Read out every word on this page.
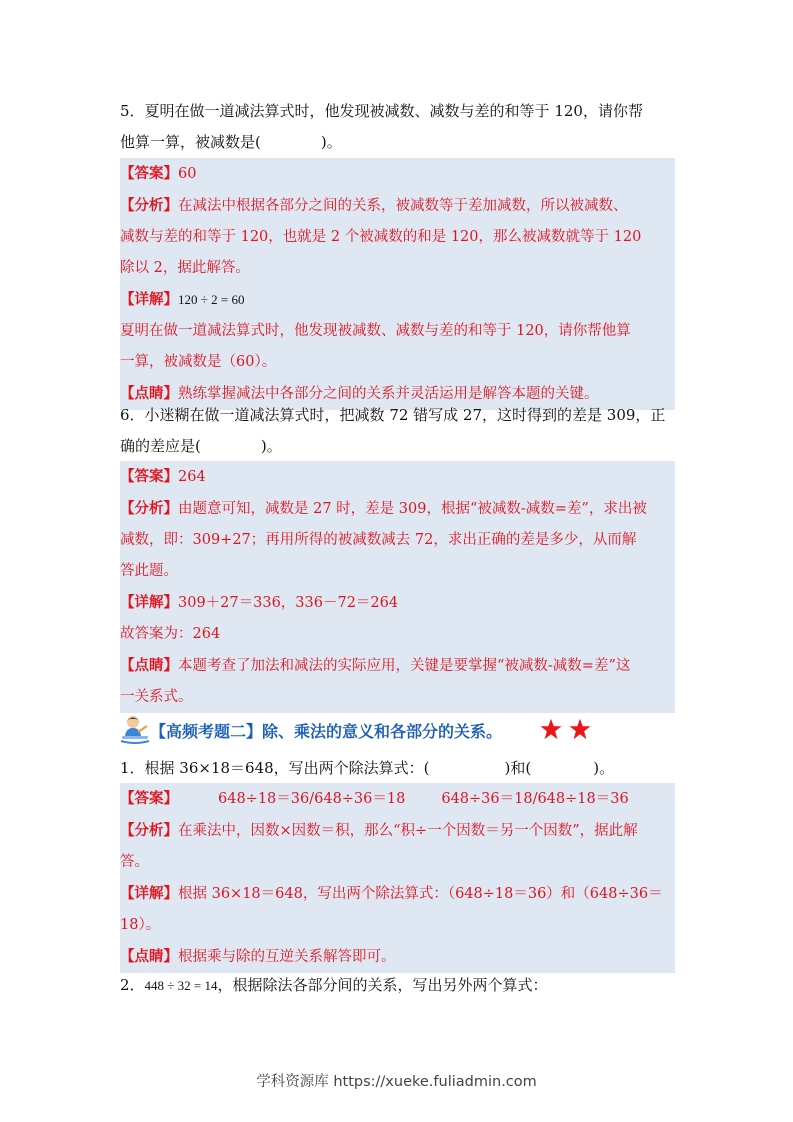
5．夏明在做一道减法算式时，他发现被减数、减数与差的和等于 120，请你帮
他算一算，被减数是(	)。
【答案】60
【分析】在减法中根据各部分之间的关系，被减数等于差加减数，所以被减数、
减数与差的和等于 120，也就是 2 个被减数的和是 120，那么被减数就等于 120
除以 2，据此解答。
【详解】120 ÷ 2 = 60
夏明在做一道减法算式时，他发现被减数、减数与差的和等于 120，请你帮他算
一算，被减数是（60）。
【点睛】熟练掌握减法中各部分之间的关系并灵活运用是解答本题的关键。
6．小迷糊在做一道减法算式时，把减数 72 错写成 27，这时得到的差是 309，正
确的差应是(	)。
【答案】264
【分析】由题意可知，减数是 27 时，差是 309，根据“被减数-减数=差”，求出被
减数，即：309+27；再用所得的被减数减去 72，求出正确的差是多少，从而解
答此题。
【详解】309＋27＝336，336－72＝264
故答案为：264
【点睛】本题考查了加法和减法的实际应用，关键是要掌握“被减数-减数=差”这
一关系式。
【高频考题二】除、乘法的意义和各部分的关系。

1．根据 36×18＝648，写出两个除法算式：(	)和(	)。
【答案】	648÷18＝36/648÷36＝18 648÷36＝18/648÷18＝36
【分析】在乘法中，因数×因数＝积，那么“积÷一个因数＝另一个因数”，据此解
答。
【详解】根据 36×18＝648，写出两个除法算式：（648÷18＝36）和（648÷36＝
18）。
【点睛】根据乘与除的互逆关系解答即可。
2．448 ÷ 32 = 14，根据除法各部分间的关系，写出另外两个算式：
学科资源库 https://xueke.fuliadmin.com
